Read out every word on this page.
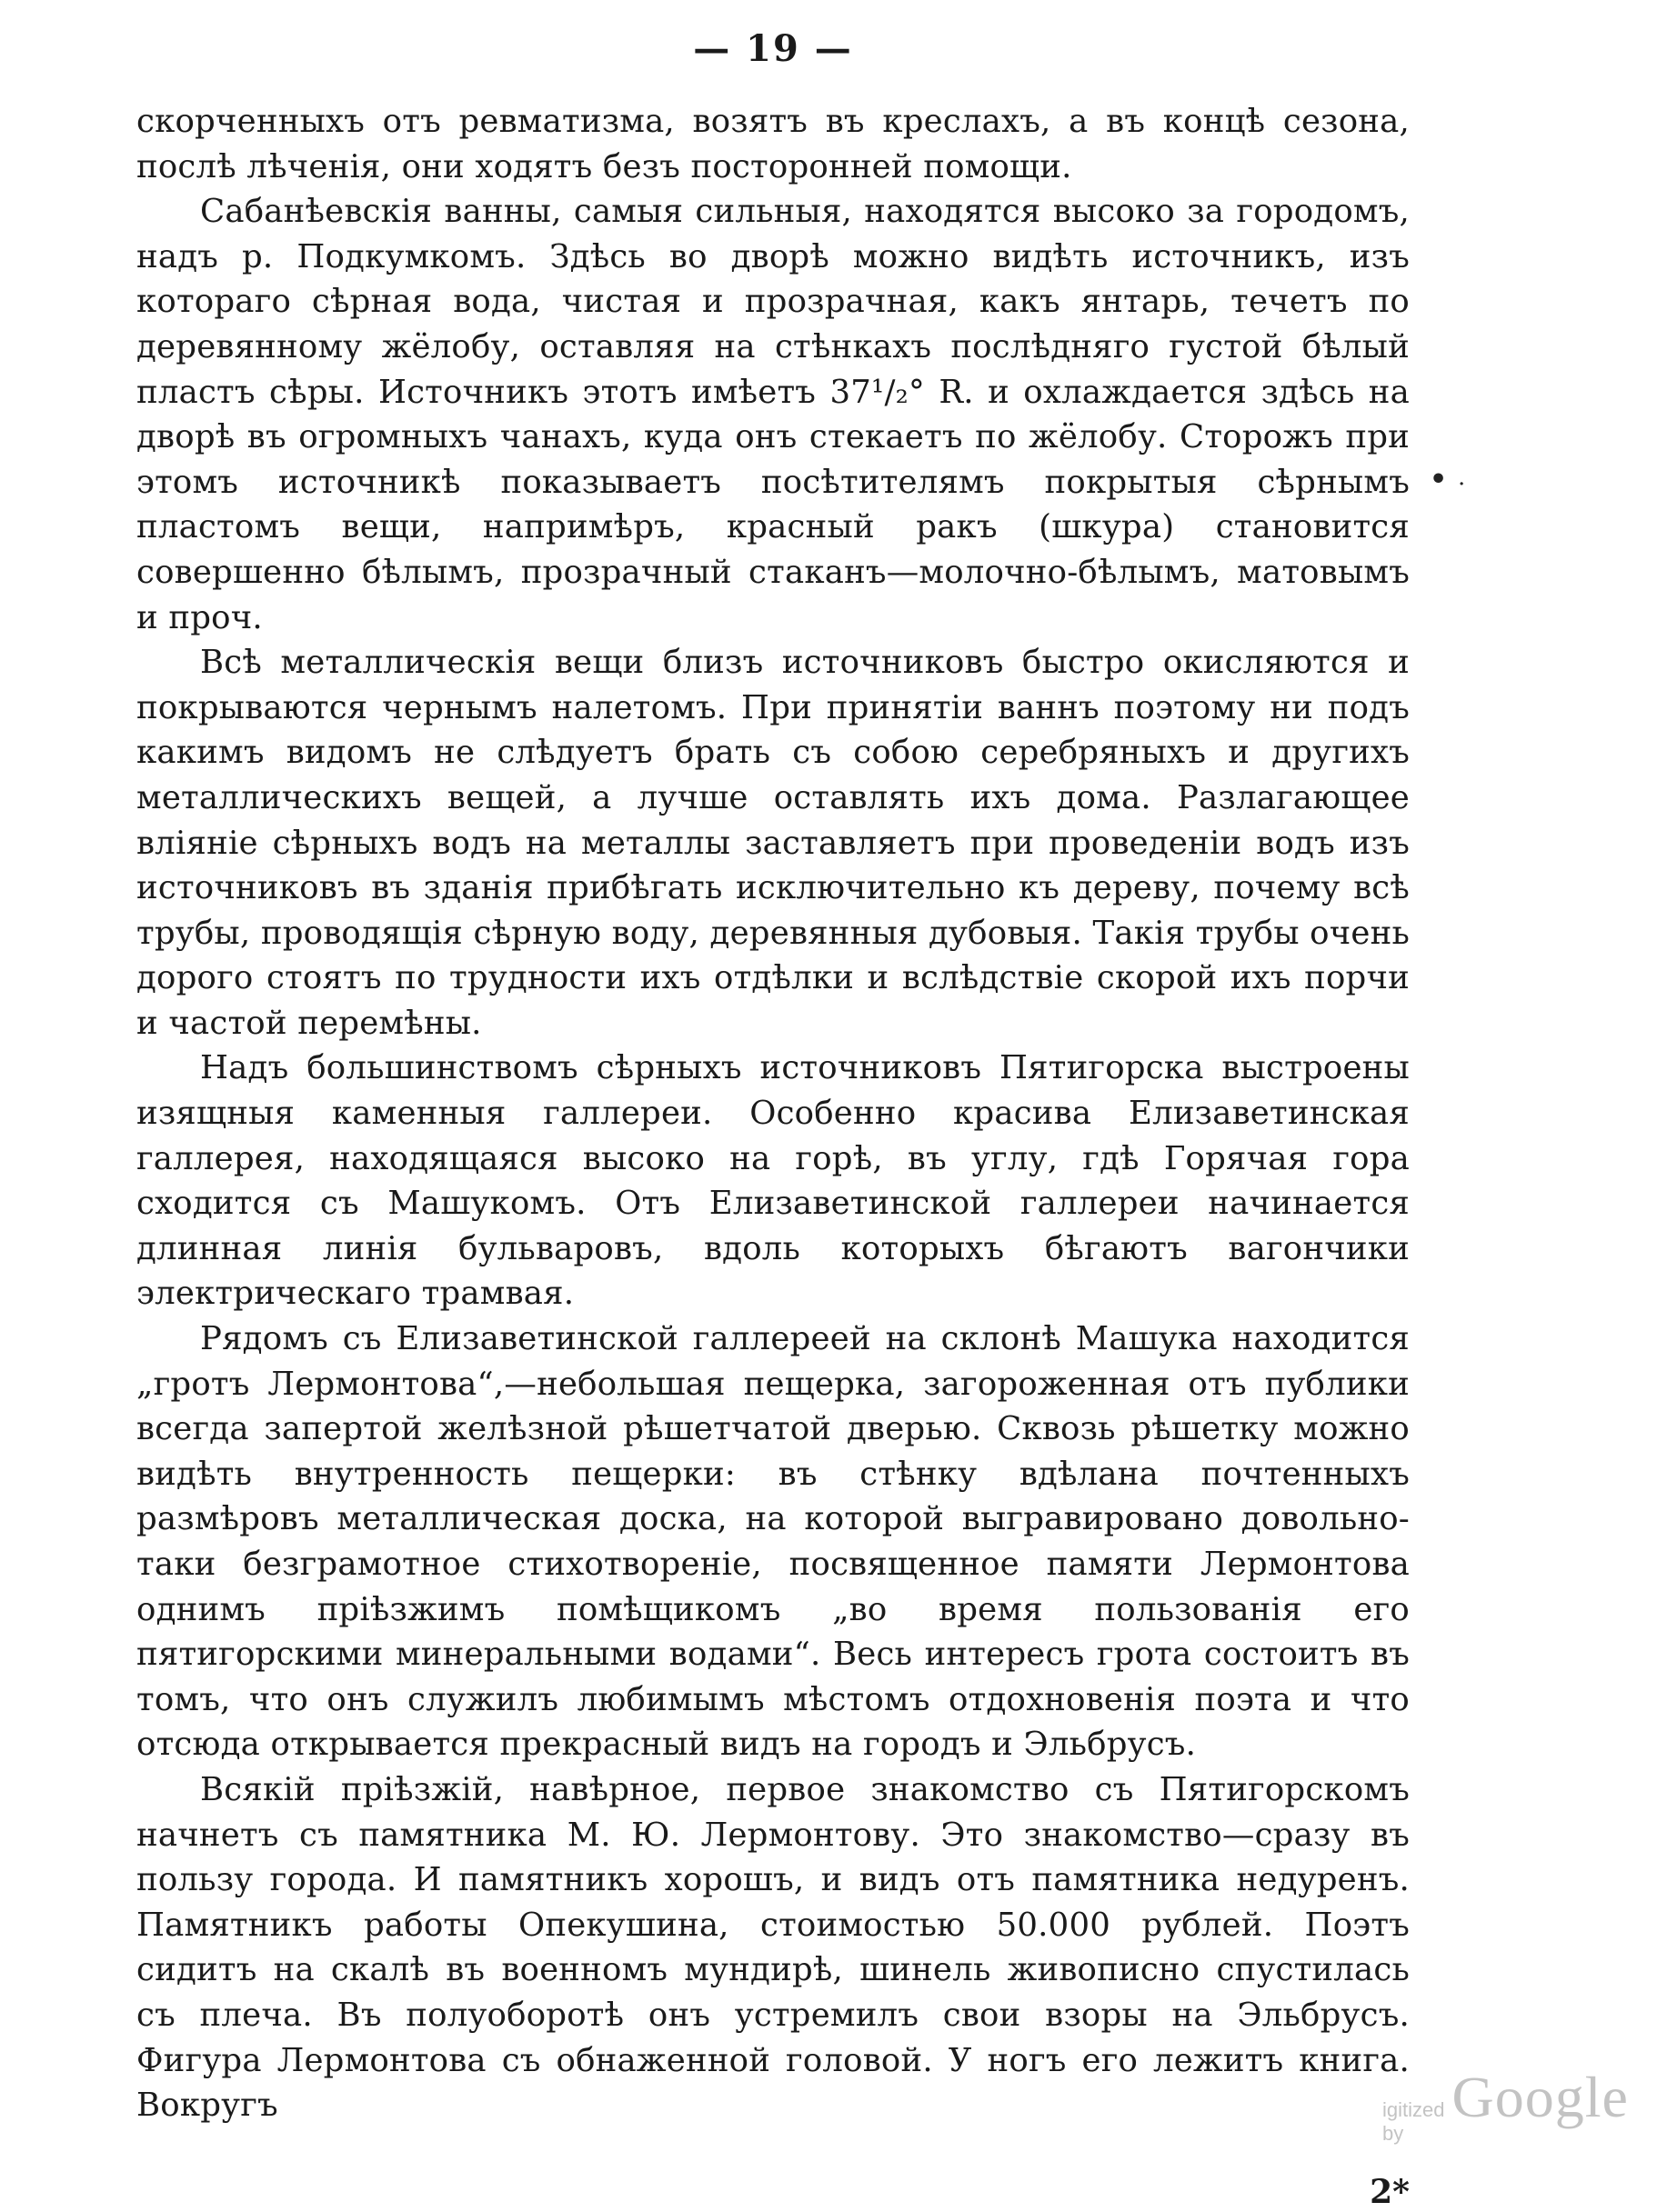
— 19 —

скорченныхъ отъ ревматизма, возятъ въ креслахъ, а въ концѣ сезона, послѣ лѣченія, они ходятъ безъ посторонней помощи.

Сабанѣевскія ванны, самыя сильныя, находятся высоко за городомъ, надъ р. Подкумкомъ. Здѣсь во дворѣ можно видѣть источникъ, изъ котораго сѣрная вода, чистая и прозрачная, какъ янтарь, течетъ по деревянному жёлобу, оставляя на стѣнкахъ послѣдняго густой бѣлый пластъ сѣры. Источникъ этотъ имѣетъ 37¹/₂° R. и охлаждается здѣсь на дворѣ въ огромныхъ чанахъ, куда онъ стекаетъ по жёлобу. Сторожъ при этомъ источникѣ показываетъ посѣтителямъ покрытыя сѣрнымъ пластомъ вещи, напримѣръ, красный ракъ (шкура) становится совершенно бѣлымъ, прозрачный стаканъ—молочно-бѣлымъ, матовымъ и проч.

Всѣ металлическія вещи близъ источниковъ быстро окисляются и покрываются чернымъ налетомъ. При принятіи ваннъ поэтому ни подъ какимъ видомъ не слѣдуетъ брать съ собою серебряныхъ и другихъ металлическихъ вещей, а лучше оставлять ихъ дома. Разлагающее вліяніе сѣрныхъ водъ на металлы заставляетъ при проведеніи водъ изъ источниковъ въ зданія прибѣгать исключительно къ дереву, почему всѣ трубы, проводящія сѣрную воду, деревянныя дубовыя. Такія трубы очень дорого стоятъ по трудности ихъ отдѣлки и вслѣдствіе скорой ихъ порчи и частой перемѣны.

Надъ большинствомъ сѣрныхъ источниковъ Пятигорска выстроены изящныя каменныя галлереи. Особенно красива Елизаветинская галлерея, находящаяся высоко на горѣ, въ углу, гдѣ Горячая гора сходится съ Машукомъ. Отъ Елизаветинской галлереи начинается длинная линія бульваровъ, вдоль которыхъ бѣгаютъ вагончики электрическаго трамвая.

Рядомъ съ Елизаветинской галлереей на склонѣ Машука находится „гротъ Лермонтова“,—небольшая пещерка, загороженная отъ публики всегда запертой желѣзной рѣшетчатой дверью. Сквозь рѣшетку можно видѣть внутренность пещерки: въ стѣнку вдѣлана почтенныхъ размѣровъ металлическая доска, на которой выгравировано довольно-таки безграмотное стихотвореніе, посвященное памяти Лермонтова однимъ пріѣзжимъ помѣщикомъ „во время пользованія его пятигорскими минеральными водами“. Весь интересъ грота состоитъ въ томъ, что онъ служилъ любимымъ мѣстомъ отдохновенія поэта и что отсюда открывается прекрасный видъ на городъ и Эльбрусъ.

Всякій пріѣзжій, навѣрное, первое знакомство съ Пятигорскомъ начнетъ съ памятника М. Ю. Лермонтову. Это знакомство—сразу въ пользу города. И памятникъ хорошъ, и видъ отъ памятника недуренъ. Памятникъ работы Опекушина, стоимостью 50.000 рублей. Поэтъ сидитъ на скалѣ въ военномъ мундирѣ, шинель живописно спустилась съ плеча. Въ полуоборотѣ онъ устремилъ свои взоры на Эльбрусъ. Фигура Лермонтова съ обнаженной головой. У ногъ его лежитъ книга. Вокругъ

2*
igitized by
Google
• ·
